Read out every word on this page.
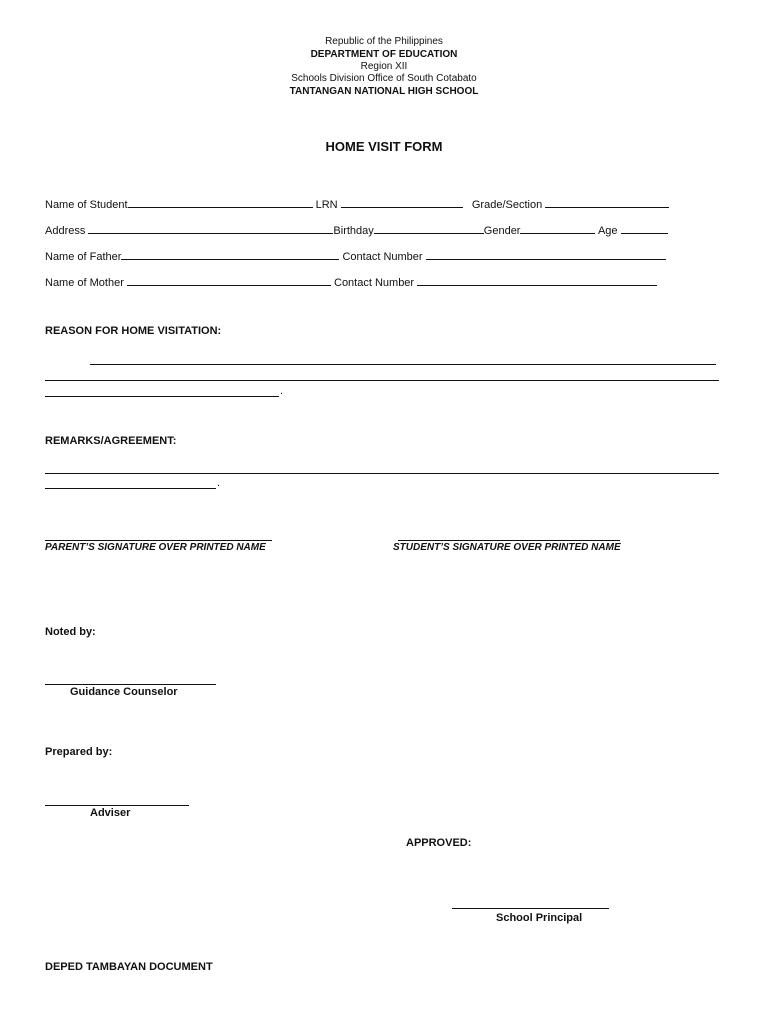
Republic of the Philippines
DEPARTMENT OF EDUCATION
Region XII
Schools Division Office of South Cotabato
TANTANGAN NATIONAL HIGH SCHOOL
HOME VISIT FORM
Name of Student	LRN	Grade/Section
Address	Birthday	Gender	Age
Name of Father	Contact Number
Name of Mother	Contact Number
REASON FOR HOME VISITATION:
.
REMARKS/AGREEMENT:
.
PARENT’S SIGNATURE OVER PRINTED NAME	STUDENT’S SIGNATURE OVER PRINTED NAME
Noted by:
Guidance Counselor
Prepared by:
Adviser
APPROVED:
School Principal
DEPED TAMBAYAN DOCUMENT
